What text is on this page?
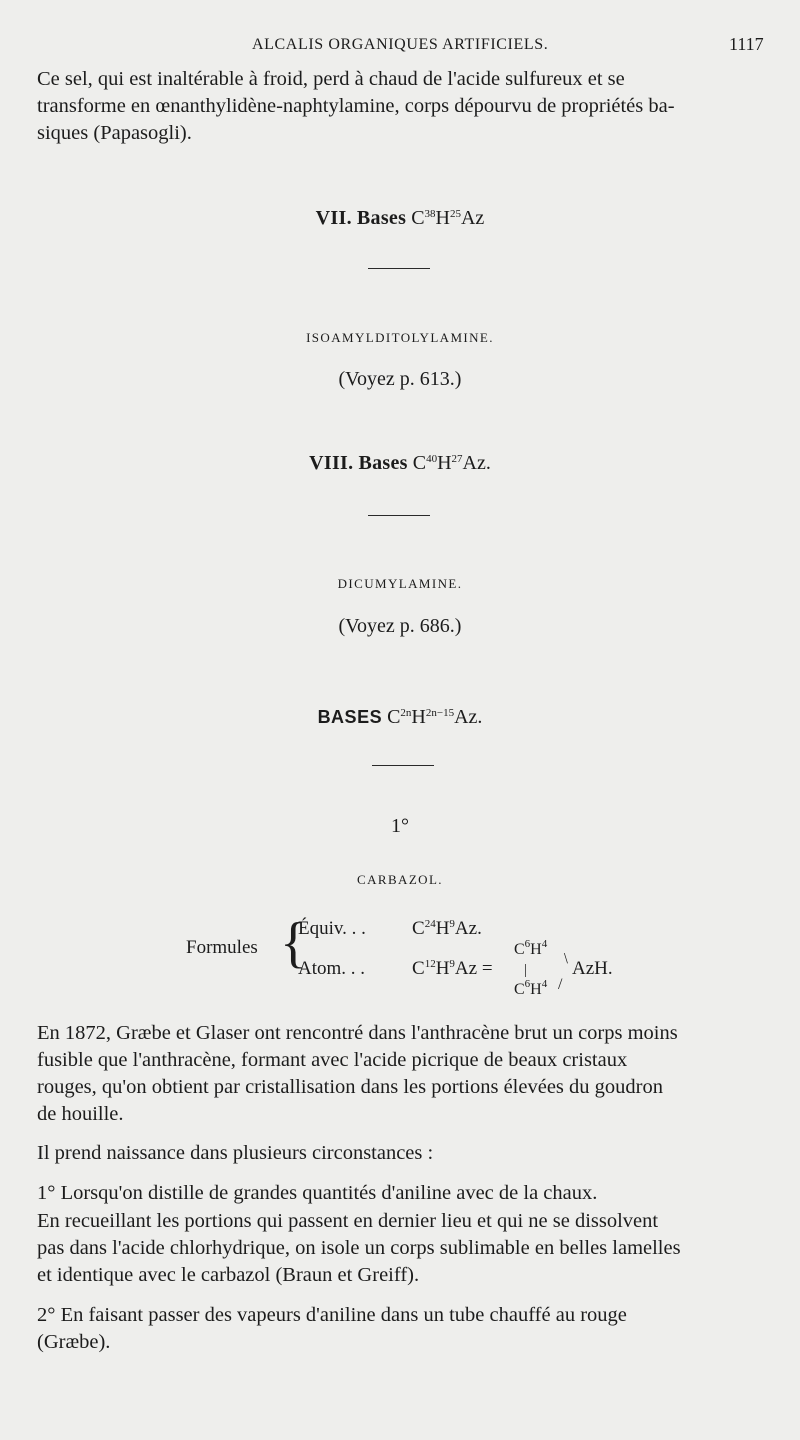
ALCALIS ORGANIQUES ARTIFICIELS.	1117
Ce sel, qui est inaltérable à froid, perd à chaud de l'acide sulfureux et se
transforme en œnanthylidène-naphtylamine, corps dépourvu de propriétés ba-
siques (Papasogli).
VII. Bases $C^{38}H^{25}Az$
ISOAMYLDITOLYLAMINE.
(Voyez p. 613.)
VIII. Bases $C^{40}H^{27}Az$.
DICUMYLAMINE.
(Voyez p. 686.)
BASES $C^{2n}H^{2n-15}Az$.
1°
CARBAZOL.
Formules {
Équiv. . . $C^{24}H^9Az$.
Atom. . . $C^{12}H^9Az$ =
$C^6H^4$
﹨
| AzH.
$C^6H^4$ /
En 1872, Græbe et Glaser ont rencontré dans l'anthracène brut un corps moins
fusible que l'anthracène, formant avec l'acide picrique de beaux cristaux
rouges, qu'on obtient par cristallisation dans les portions élevées du goudron
de houille.
Il prend naissance dans plusieurs circonstances :
1° Lorsqu'on distille de grandes quantités d'aniline avec de la chaux.
En recueillant les portions qui passent en dernier lieu et qui ne se dissolvent
pas dans l'acide chlorhydrique, on isole un corps sublimable en belles lamelles
et identique avec le carbazol (Braun et Greiff).
2° En faisant passer des vapeurs d'aniline dans un tube chauffé au rouge
(Græbe).
